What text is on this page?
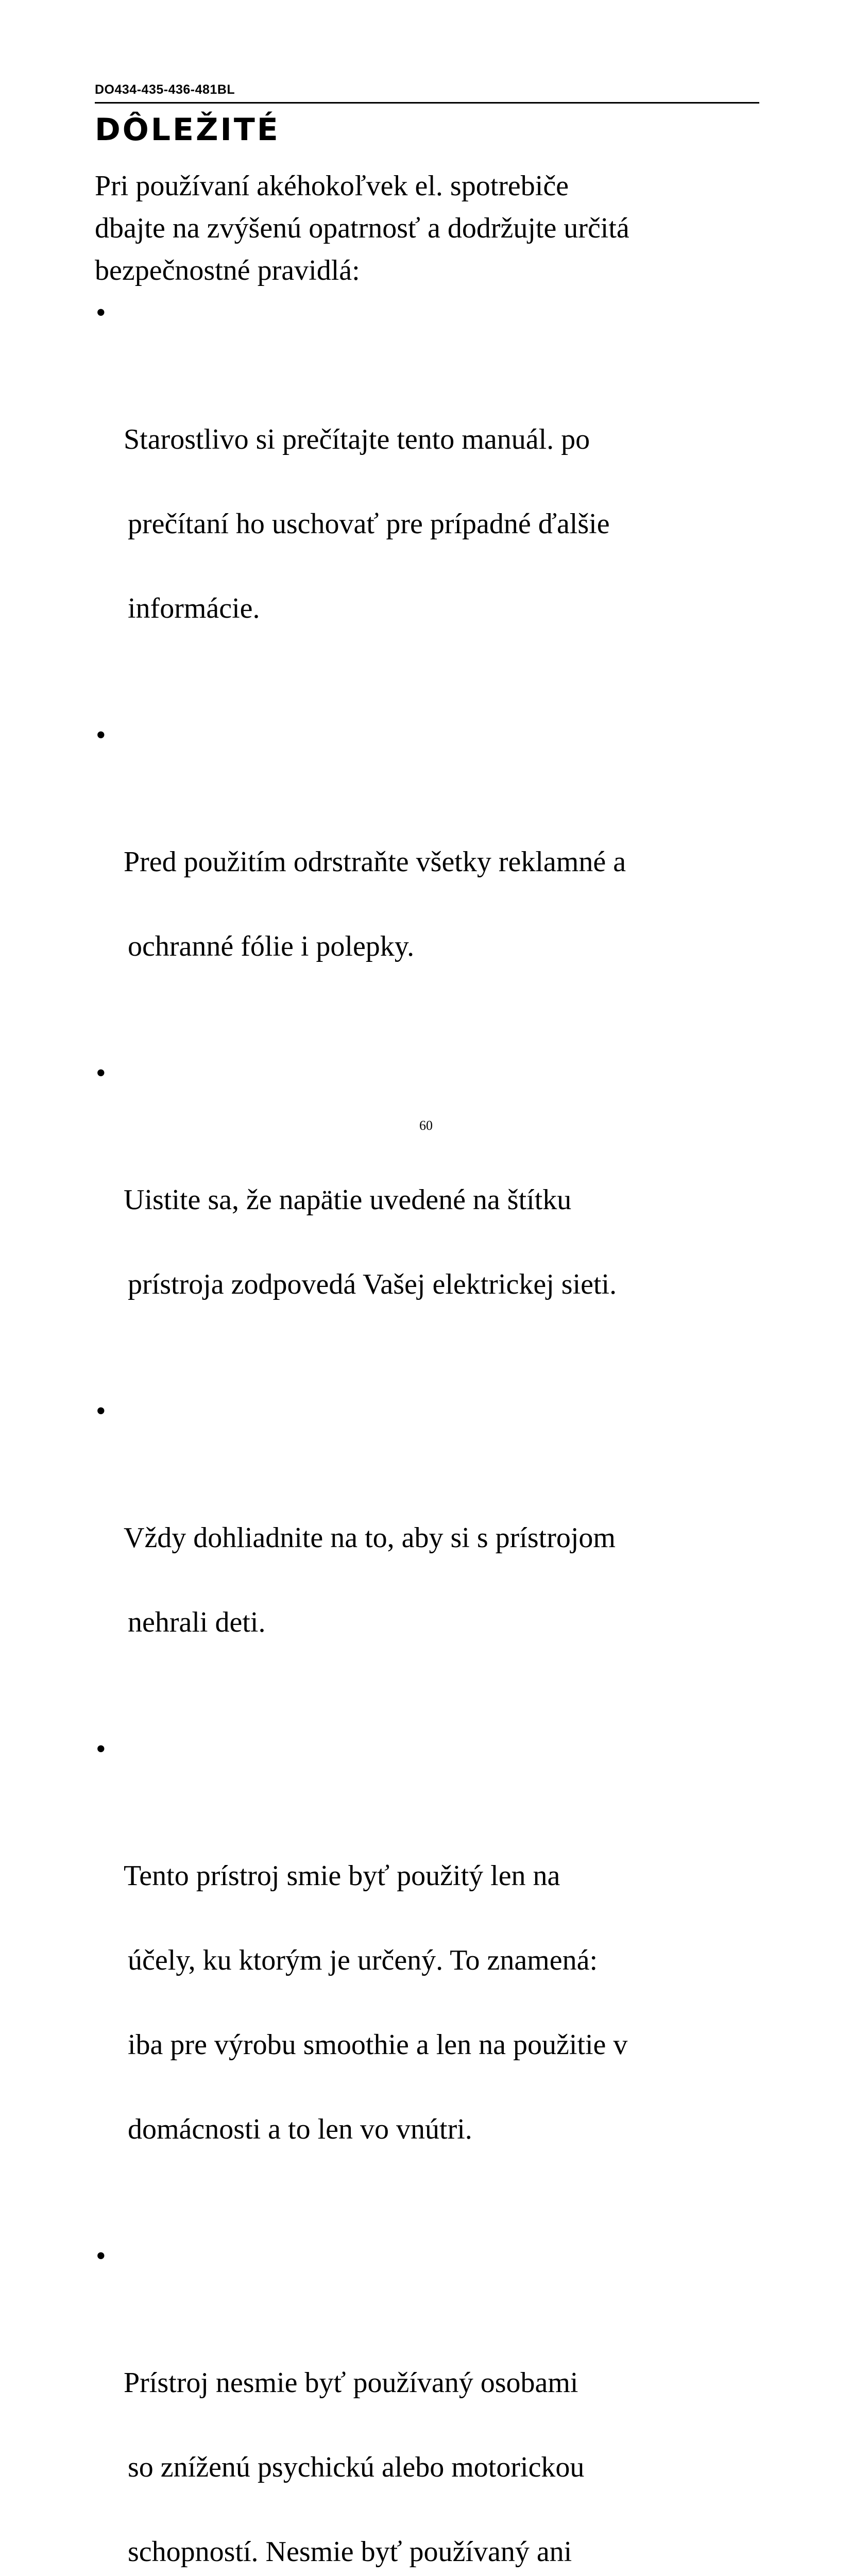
DO434-435-436-481BL
DÔLEŽITÉ

Pri používaní akéhokoľvek el. spotrebiče
dbajte na zvýšenú opatrnosť a dodržujte určitá
bezpečnostné pravidlá:

•

Starostlivo si prečítajte tento manuál. po

prečítaní ho uschovať pre prípadné ďalšie

informácie.

•

Pred použitím odrstraňte všetky reklamné a

ochranné fólie i polepky.

•

Uistite sa, že napätie uvedené na štítku

prístroja zodpovedá Vašej elektrickej sieti.

•

Vždy dohliadnite na to, aby si s prístrojom

nehrali deti.

•

Tento prístroj smie byť použitý len na

účely, ku ktorým je určený. To znamená:

iba pre výrobu smoothie a len na použitie v

domácnosti a to len vo vnútri.

•

Prístroj nesmie byť používaný osobami

so zníženú psychickú alebo motorickou

schopností. Nesmie byť používaný ani

60
